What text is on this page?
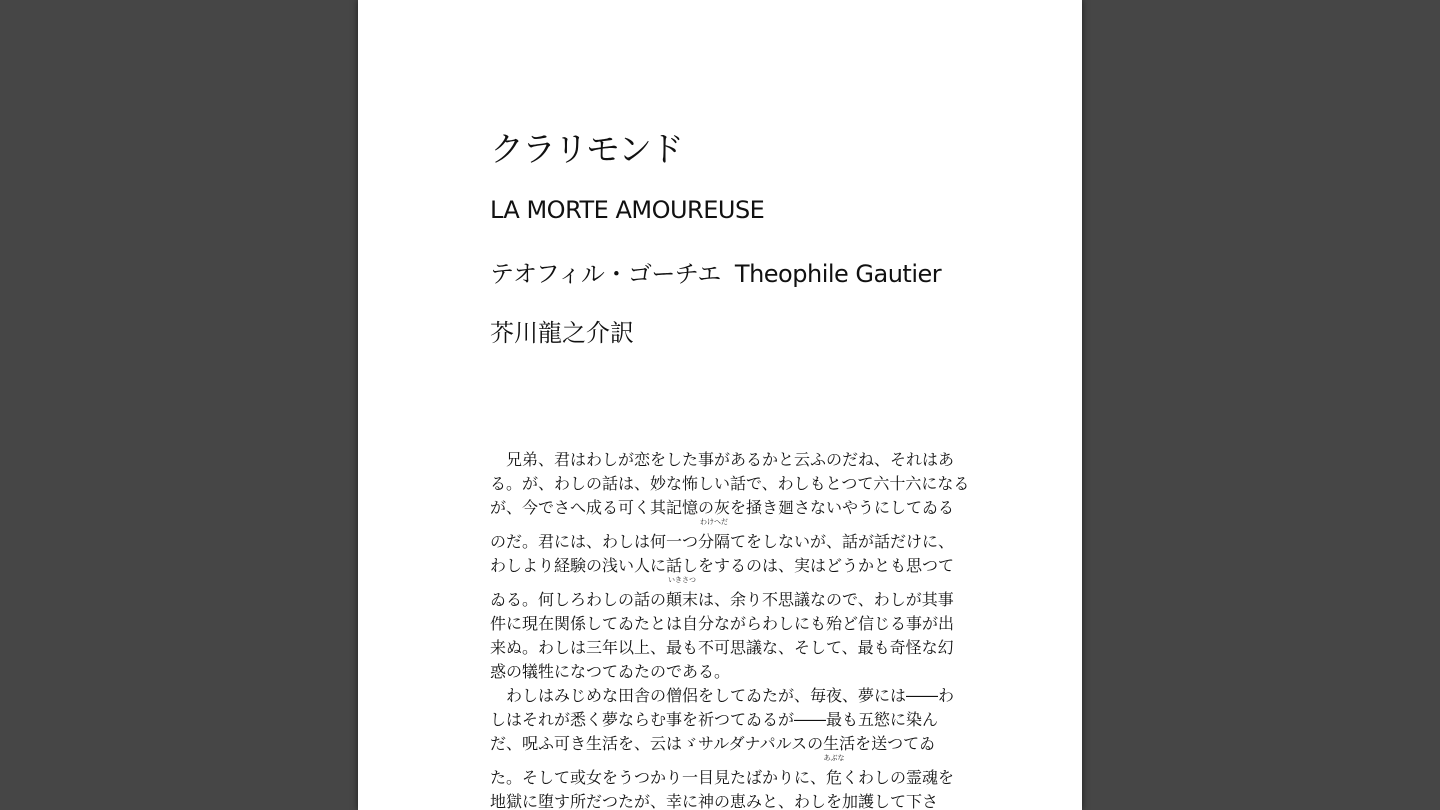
クラリモンド
LA MORTE AMOUREUSE
テオフィル・ゴーチエ Theophile Gautier
芥川龍之介訳
　兄弟、君はわしが恋をした事があるかと云ふのだね、それはあ
る。が、わしの話は、妙な怖しい話で、わしもとつて六十六になる
が、今でさへ成る可く其記憶の灰を掻き廻さないやうにしてゐる
のだ。君には、わしは何一つ
わけへだ
分隔てをしないが、話が話だけに、
わしより経験の浅い人に話しをするのは、実はどうかとも思つて
ゐる。何しろわしの話の
いきさつ
顛末は、余り不思議なので、わしが其事
件に現在関係してゐたとは自分ながらわしにも殆ど信じる事が出
来ぬ。わしは三年以上、最も不可思議な、そして、最も奇怪な幻
惑の犠牲になつてゐたのである。
　わしはみじめな田舎の僧侶をしてゐたが、毎夜、夢には――わ
しはそれが悉く夢ならむ事を祈つてゐるが――最も五慾に染ん
だ、呪ふ可き生活を、云はゞサルダナパルスの生活を送つてゐ
た。そして或女をうつかり一目見たばかりに、
あぶな
危くわしの霊魂を
地獄に堕す所だつたが、幸に神の恵みと、わしを加護して下さ
